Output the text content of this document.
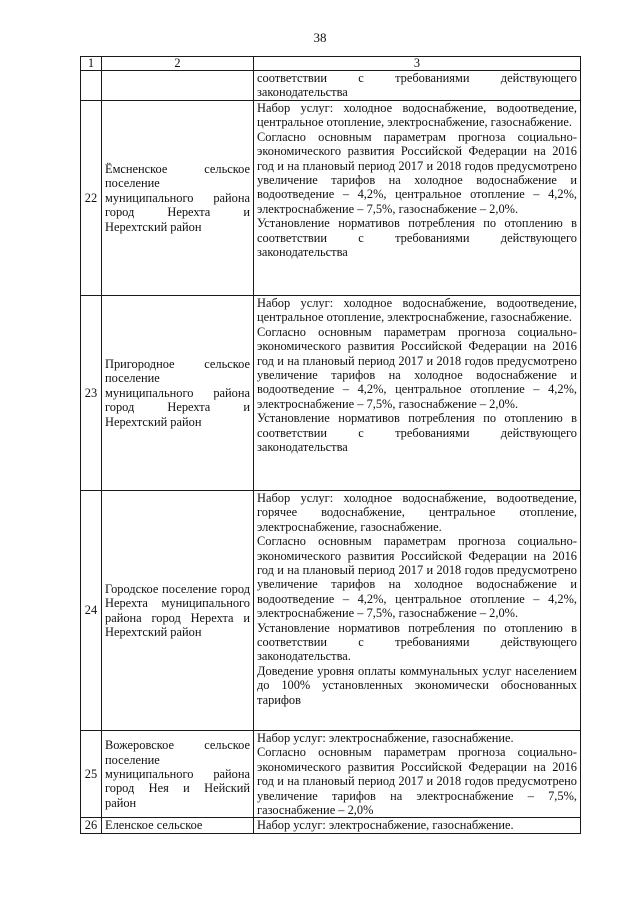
38
1	2	3

		соответствии с требованиями действующего законодательства

22	Ёмсненское сельское поселение муниципального района город Нерехта и Нерехтский район	Набор услуг: холодное водоснабжение, водоотведение, центральное отопление, электроснабжение, газоснабжение.

Согласно основным параметрам прогноза социально-экономического развития Российской Федерации на 2016 год и на плановый период 2017 и 2018 годов предусмотрено увеличение тарифов на холодное водоснабжение и водоотведение – 4,2%, центральное отопление – 4,2%, электроснабжение – 7,5%, газоснабжение – 2,0%.

Установление нормативов потребления по отоплению в соответствии с требованиями действующего законодательства

23	Пригородное сельское поселение муниципального района город Нерехта и Нерехтский район	Набор услуг: холодное водоснабжение, водоотведение, центральное отопление, электроснабжение, газоснабжение.

Согласно основным параметрам прогноза социально-экономического развития Российской Федерации на 2016 год и на плановый период 2017 и 2018 годов предусмотрено увеличение тарифов на холодное водоснабжение и водоотведение – 4,2%, центральное отопление – 4,2%, электроснабжение – 7,5%, газоснабжение – 2,0%.

Установление нормативов потребления по отоплению в соответствии с требованиями действующего законодательства

24	Городское поселение город Нерехта муниципального района город Нерехта и Нерехтский район	Набор услуг: холодное водоснабжение, водоотведение, горячее водоснабжение, центральное отопление, электроснабжение, газоснабжение.

Согласно основным параметрам прогноза социально-экономического развития Российской Федерации на 2016 год и на плановый период 2017 и 2018 годов предусмотрено увеличение тарифов на холодное водоснабжение и водоотведение – 4,2%, центральное отопление – 4,2%, электроснабжение – 7,5%, газоснабжение – 2,0%.

Установление нормативов потребления по отоплению в соответствии с требованиями действующего законодательства.

Доведение уровня оплаты коммунальных услуг населением до 100% установленных экономически обоснованных тарифов

25	Вожеровское сельское поселение муниципального района город Нея и Нейский район	Набор услуг: электроснабжение, газоснабжение.

Согласно основным параметрам прогноза социально-экономического развития Российской Федерации на 2016 год и на плановый период 2017 и 2018 годов предусмотрено увеличение тарифов на электроснабжение – 7,5%, газоснабжение – 2,0%

26	Еленское сельское	Набор услуг: электроснабжение, газоснабжение.
